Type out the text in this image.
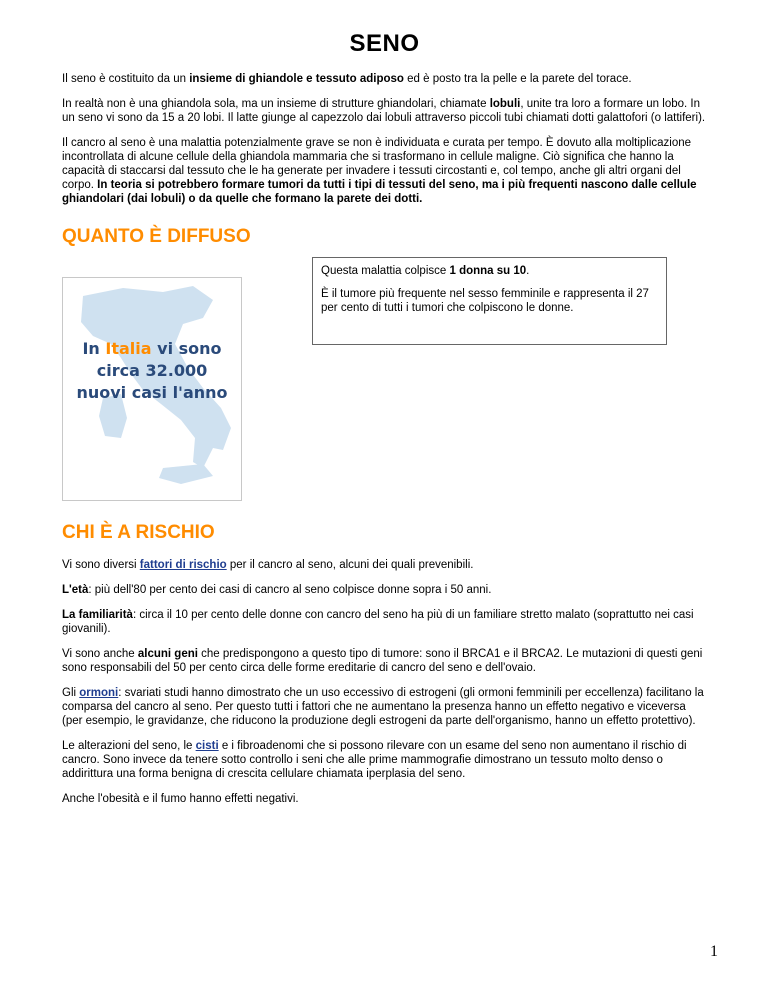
SENO

Il seno è costituito da un insieme di ghiandole e tessuto adiposo ed è posto tra la pelle e la parete del torace.

In realtà non è una ghiandola sola, ma un insieme di strutture ghiandolari, chiamate lobuli, unite tra loro a formare un lobo. In un seno vi sono da 15 a 20 lobi. Il latte giunge al capezzolo dai lobuli attraverso piccoli tubi chiamati dotti galattofori (o lattiferi).

Il cancro al seno è una malattia potenzialmente grave se non è individuata e curata per tempo. È dovuto alla moltiplicazione incontrollata di alcune cellule della ghiandola mammaria che si trasformano in cellule maligne. Ciò significa che hanno la capacità di staccarsi dal tessuto che le ha generate per invadere i tessuti circostanti e, col tempo, anche gli altri organi del corpo. In teoria si potrebbero formare tumori da tutti i tipi di tessuti del seno, ma i più frequenti nascono dalle cellule ghiandolari (dai lobuli) o da quelle che formano la parete dei dotti.

QUANTO È DIFFUSO
In Italia vi sono
circa 32.000
nuovi casi l'anno

Questa malattia colpisce 1 donna su 10.

È il tumore più frequente nel sesso femminile e rappresenta il 27 per cento di tutti i tumori che colpiscono le donne.

CHI È A RISCHIO

Vi sono diversi fattori di rischio per il cancro al seno, alcuni dei quali prevenibili.

L'età: più dell'80 per cento dei casi di cancro al seno colpisce donne sopra i 50 anni.

La familiarità: circa il 10 per cento delle donne con cancro del seno ha più di un familiare stretto malato (soprattutto nei casi giovanili).

Vi sono anche alcuni geni che predispongono a questo tipo di tumore: sono il BRCA1 e il BRCA2. Le mutazioni di questi geni sono responsabili del 50 per cento circa delle forme ereditarie di cancro del seno e dell'ovaio.

Gli ormoni: svariati studi hanno dimostrato che un uso eccessivo di estrogeni (gli ormoni femminili per eccellenza) facilitano la comparsa del cancro al seno. Per questo tutti i fattori che ne aumentano la presenza hanno un effetto negativo e viceversa (per esempio, le gravidanze, che riducono la produzione degli estrogeni da parte dell'organismo, hanno un effetto protettivo).

Le alterazioni del seno, le cisti e i fibroadenomi che si possono rilevare con un esame del seno non aumentano il rischio di cancro. Sono invece da tenere sotto controllo i seni che alle prime mammografie dimostrano un tessuto molto denso o addirittura una forma benigna di crescita cellulare chiamata iperplasia del seno.

Anche l'obesità e il fumo hanno effetti negativi.

1
